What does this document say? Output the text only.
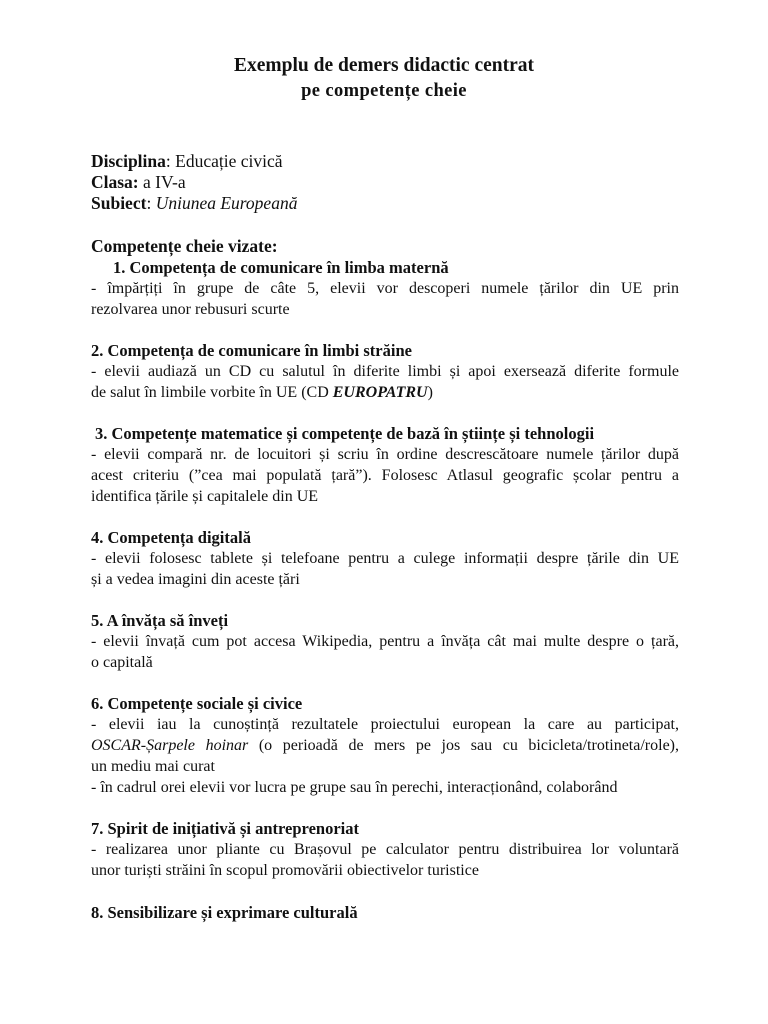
Exemplu de demers didactic centrat
pe competențe cheie
Disciplina: Educație civică
Clasa: a IV-a
Subiect: Uniunea Europeană
Competențe cheie vizate:
1. Competența de comunicare în limba maternă
- împărțiți în grupe de câte 5, elevii vor descoperi numele țărilor din UE prin
rezolvarea unor rebusuri scurte
2. Competența de comunicare în limbi străine
- elevii audiază un CD cu salutul în diferite limbi și apoi exersează diferite formule
de salut în limbile vorbite în UE (CD EUROPATRU)
3. Competențe matematice și competențe de bază în științe și tehnologii
- elevii compară nr. de locuitori și scriu în ordine descrescătoare numele țărilor după
acest criteriu (”cea mai populată țară”). Folosesc Atlasul geografic școlar pentru a
identifica țările și capitalele din UE
4. Competența digitală
- elevii folosesc tablete și telefoane pentru a culege informații despre țările din UE
și a vedea imagini din aceste țări
5. A învăța să înveți
- elevii învață cum pot accesa Wikipedia, pentru a învăța cât mai multe despre o țară,
o capitală
6. Competențe sociale și civice
- elevii iau la cunoștință rezultatele proiectului european la care au participat,
OSCAR-Șarpele hoinar (o perioadă de mers pe jos sau cu bicicleta/trotineta/role),
un mediu mai curat
- în cadrul orei elevii vor lucra pe grupe sau în perechi, interacționând, colaborând
7. Spirit de inițiativă și antreprenoriat
- realizarea unor pliante cu Brașovul pe calculator pentru distribuirea lor voluntară
unor turiști străini în scopul promovării obiectivelor turistice
8. Sensibilizare și exprimare culturală
